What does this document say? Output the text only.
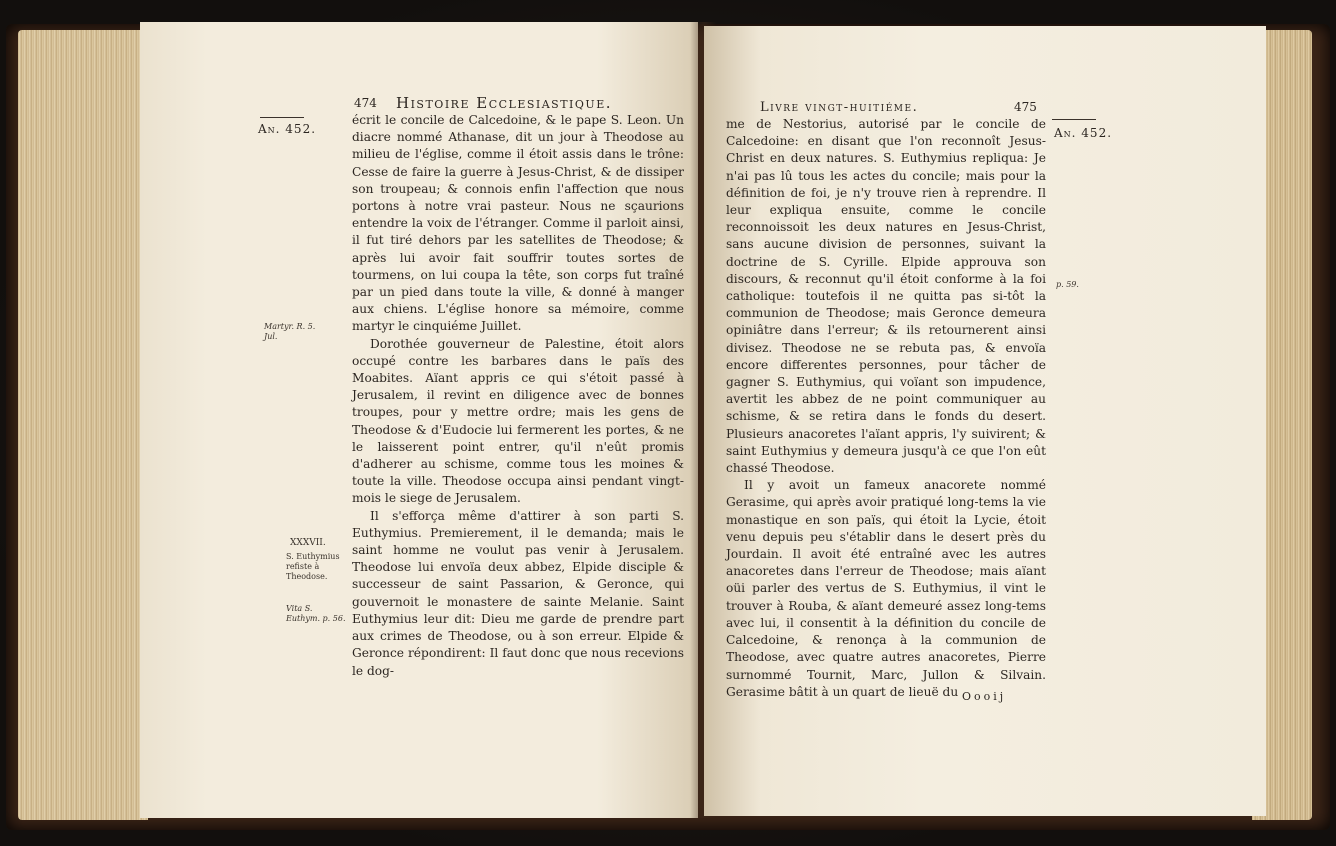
474 Histoire Ecclesiastique.
An. 452.
Martyr. R. 5. Jul.
XXXVII.
S. Euthymius refiste à Theodose.
Vita S. Euthym. p. 56.

écrit le concile de Calcedoine, & le pape S. Leon. Un diacre nommé Athanase, dit un jour à Theodose au milieu de l'église, comme il étoit assis dans le trône: Cesse de faire la guerre à Jesus-Christ, & de dissiper son troupeau; & connois enfin l'affection que nous portons à notre vrai pasteur. Nous ne sçaurions entendre la voix de l'étranger. Comme il parloit ainsi, il fut tiré dehors par les satellites de Theodose; & après lui avoir fait souffrir toutes sortes de tourmens, on lui coupa la tête, son corps fut traîné par un pied dans toute la ville, & donné à manger aux chiens. L'église honore sa mémoire, comme martyr le cinquiéme Juillet.

Dorothée gouverneur de Palestine, étoit alors occupé contre les barbares dans le païs des Moabites. Aïant appris ce qui s'étoit passé à Jerusalem, il revint en diligence avec de bonnes troupes, pour y mettre ordre; mais les gens de Theodose & d'Eudocie lui fermerent les portes, & ne le laisserent point entrer, qu'il n'eût promis d'adherer au schisme, comme tous les moines & toute la ville. Theodose occupa ainsi pendant vingt-mois le siege de Jerusalem.

Il s'efforça même d'attirer à son parti S. Euthymius. Premierement, il le demanda; mais le saint homme ne voulut pas venir à Jerusalem. Theodose lui envoïa deux abbez, Elpide disciple & successeur de saint Passarion, & Geronce, qui gouvernoit le monastere de sainte Melanie. Saint Euthymius leur dit: Dieu me garde de prendre part aux crimes de Theodose, ou à son erreur. Elpide & Geronce répondirent: Il faut donc que nous recevions le dog-

Livre vingt-huitiéme.	475
An. 452.
p. 59.

me de Nestorius, autorisé par le concile de Calcedoine: en disant que l'on reconnoît Jesus-Christ en deux natures. S. Euthymius repliqua: Je n'ai pas lû tous les actes du concile; mais pour la définition de foi, je n'y trouve rien à reprendre. Il leur expliqua ensuite, comme le concile reconnoissoit les deux natures en Jesus-Christ, sans aucune division de personnes, suivant la doctrine de S. Cyrille. Elpide approuva son discours, & reconnut qu'il étoit conforme à la foi catholique: toutefois il ne quitta pas si-tôt la communion de Theodose; mais Geronce demeura opiniâtre dans l'erreur; & ils retournerent ainsi divisez. Theodose ne se rebuta pas, & envoïa encore differentes personnes, pour tâcher de gagner S. Euthymius, qui voïant son impudence, avertit les abbez de ne point communiquer au schisme, & se retira dans le fonds du desert. Plusieurs anacoretes l'aïant appris, l'y suivirent; & saint Euthymius y demeura jusqu'à ce que l'on eût chassé Theodose.

Il y avoit un fameux anacorete nommé Gerasime, qui après avoir pratiqué long-tems la vie monastique en son païs, qui étoit la Lycie, étoit venu depuis peu s'établir dans le desert près du Jourdain. Il avoit été entraîné avec les autres anacoretes dans l'erreur de Theodose; mais aïant oüi parler des vertus de S. Euthymius, il vint le trouver à Rouba, & aïant demeuré assez long-tems avec lui, il consentit à la définition du concile de Calcedoine, & renonça à la communion de Theodose, avec quatre autres anacoretes, Pierre surnommé Tournit, Marc, Jullon & Silvain. Gerasime bâtit à un quart de lieuë du Oooij
